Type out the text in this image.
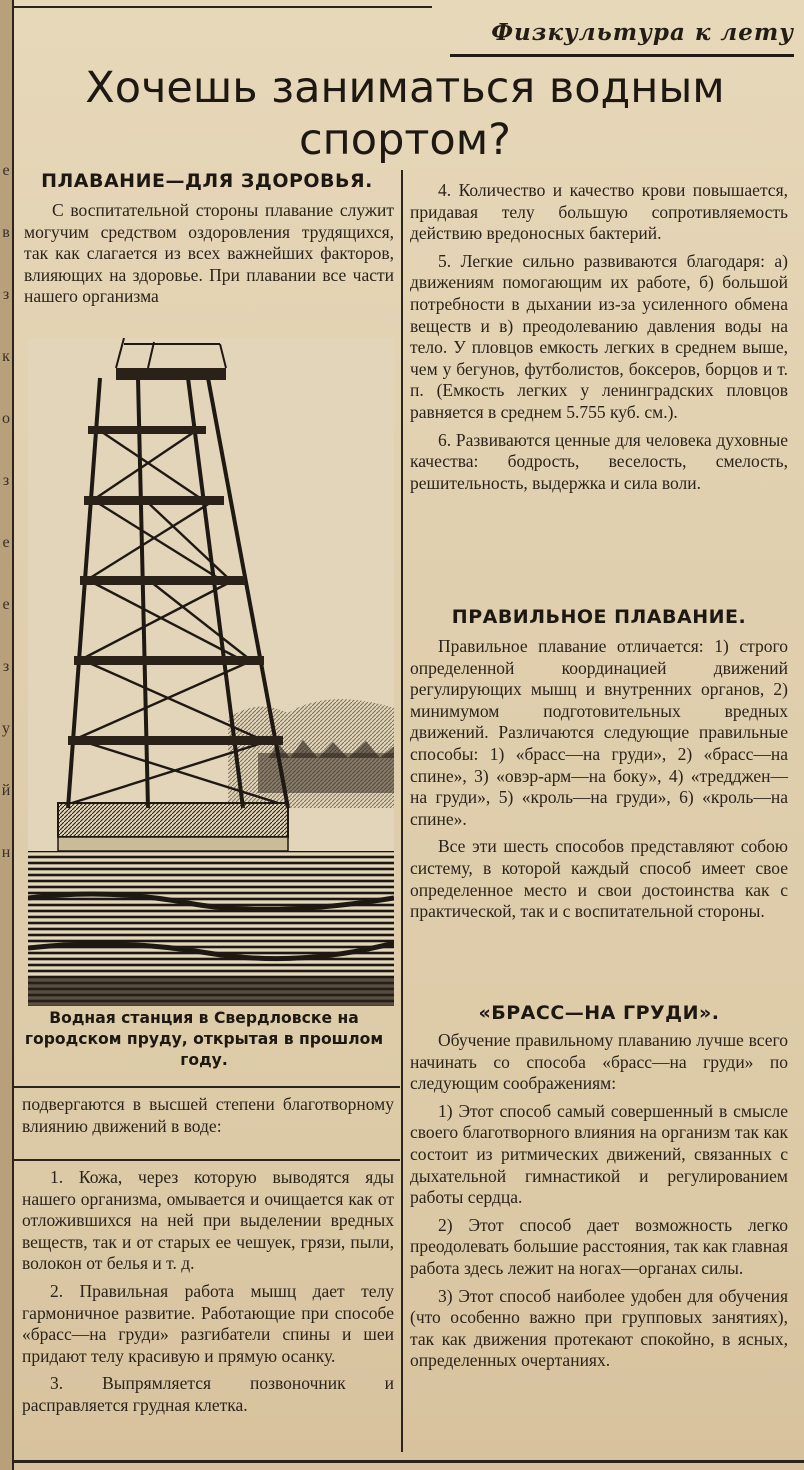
е
в
з
к
о
з
е
е
з
у
й
н
Физкультура к лету
Хочешь заниматься водным спортом?
ПЛАВАНИЕ—ДЛЯ ЗДОРОВЬЯ.

С воспитательной стороны плавание служит могучим средством оздоровления трудящихся, так как слагается из всех важнейших факторов, влияющих на здоровье. При плавании все части нашего организма

Водная станция в Свердловске на городском пруду, открытая в прошлом году.

подвергаются в высшей степени благотворному влиянию движений в воде:

1. Кожа, через которую выводятся яды нашего организма, омывается и очищается как от отложившихся на ней при выделении вредных веществ, так и от старых ее чешуек, грязи, пыли, волокон от белья и т. д.

2. Правильная работа мышц дает телу гармоничное развитие. Работающие при способе «брасс—на груди» разгибатели спины и шеи придают телу красивую и прямую осанку.

3. Выпрямляется позвоночник и расправляется грудная клетка.

4. Количество и качество крови повышается, придавая телу большую сопротивляемость действию вредоносных бактерий.

5. Легкие сильно развиваются благодаря: а) движениям помогающим их работе, б) большой потребности в дыхании из-за усиленного обмена веществ и в) преодолеванию давления воды на тело. У пловцов емкость легких в среднем выше, чем у бегунов, футболистов, боксеров, борцов и т. п. (Емкость легких у ленинградских пловцов равняется в среднем 5.755 куб. см.).

6. Развиваются ценные для человека духовные качества: бодрость, веселость, смелость, решительность, выдержка и сила воли.

ПРАВИЛЬНОЕ ПЛАВАНИЕ.

Правильное плавание отличается: 1) строго определенной координацией движений регулирующих мышц и внутренних органов, 2) минимумом подготовительных вредных движений. Различаются следующие правильные способы: 1) «брасс—на груди», 2) «брасс—на спине», 3) «овэр-арм—на боку», 4) «тредджен—на груди», 5) «кроль—на груди», 6) «кроль—на спине».

Все эти шесть способов представляют собою систему, в которой каждый способ имеет свое определенное место и свои достоинства как с практической, так и с воспитательной стороны.

«БРАСС—НА ГРУДИ».

Обучение правильному плаванию лучше всего начинать со способа «брасс—на груди» по следующим соображениям:

1) Этот способ самый совершенный в смысле своего благотворного влияния на организм так как состоит из ритмических движений, связанных с дыхательной гимнастикой и регулированием работы сердца.

2) Этот способ дает возможность легко преодолевать большие расстояния, так как главная работа здесь лежит на ногах—органах силы.

3) Этот способ наиболее удобен для обучения (что особенно важно при групповых занятиях), так как движения протекают спокойно, в ясных, определенных очертаниях.
